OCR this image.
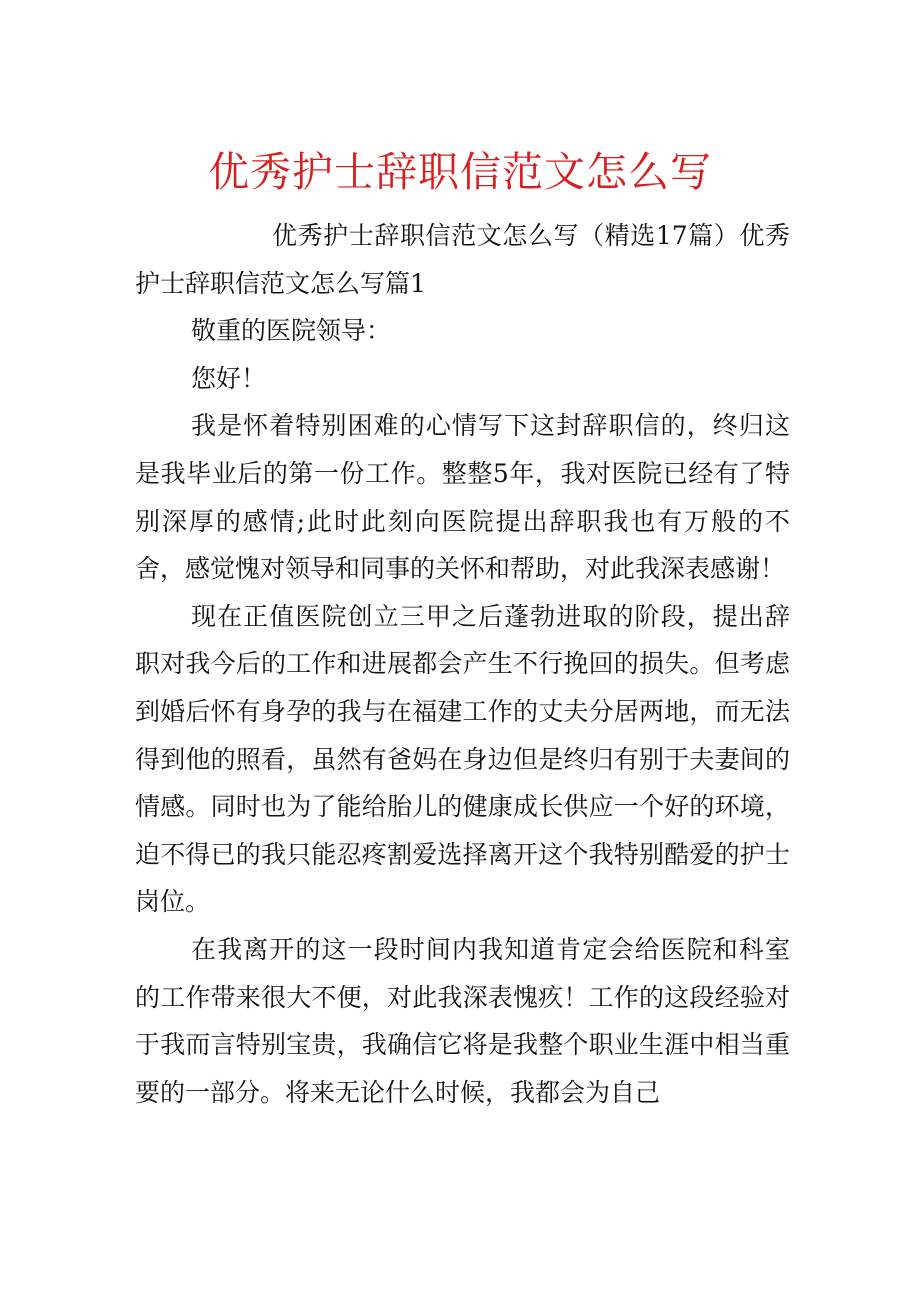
优秀护士辞职信范文怎么写

优秀护士辞职信范文怎么写（精选17篇）优秀护士辞职信范文怎么写篇1

敬重的医院领导：

您好！

我是怀着特别困难的心情写下这封辞职信的，终归这是我毕业后的第一份工作。整整5年，我对医院已经有了特别深厚的感情;此时此刻向医院提出辞职我也有万般的不舍，感觉愧对领导和同事的关怀和帮助，对此我深表感谢！

现在正值医院创立三甲之后蓬勃进取的阶段，提出辞职对我今后的工作和进展都会产生不行挽回的损失。但考虑到婚后怀有身孕的我与在福建工作的丈夫分居两地，而无法得到他的照看，虽然有爸妈在身边但是终归有别于夫妻间的情感。同时也为了能给胎儿的健康成长供应一个好的环境，迫不得已的我只能忍疼割爱选择离开这个我特别酷爱的护士岗位。

在我离开的这一段时间内我知道肯定会给医院和科室的工作带来很大不便，对此我深表愧疚！工作的这段经验对于我而言特别宝贵，我确信它将是我整个职业生涯中相当重要的一部分。将来无论什么时候，我都会为自己
